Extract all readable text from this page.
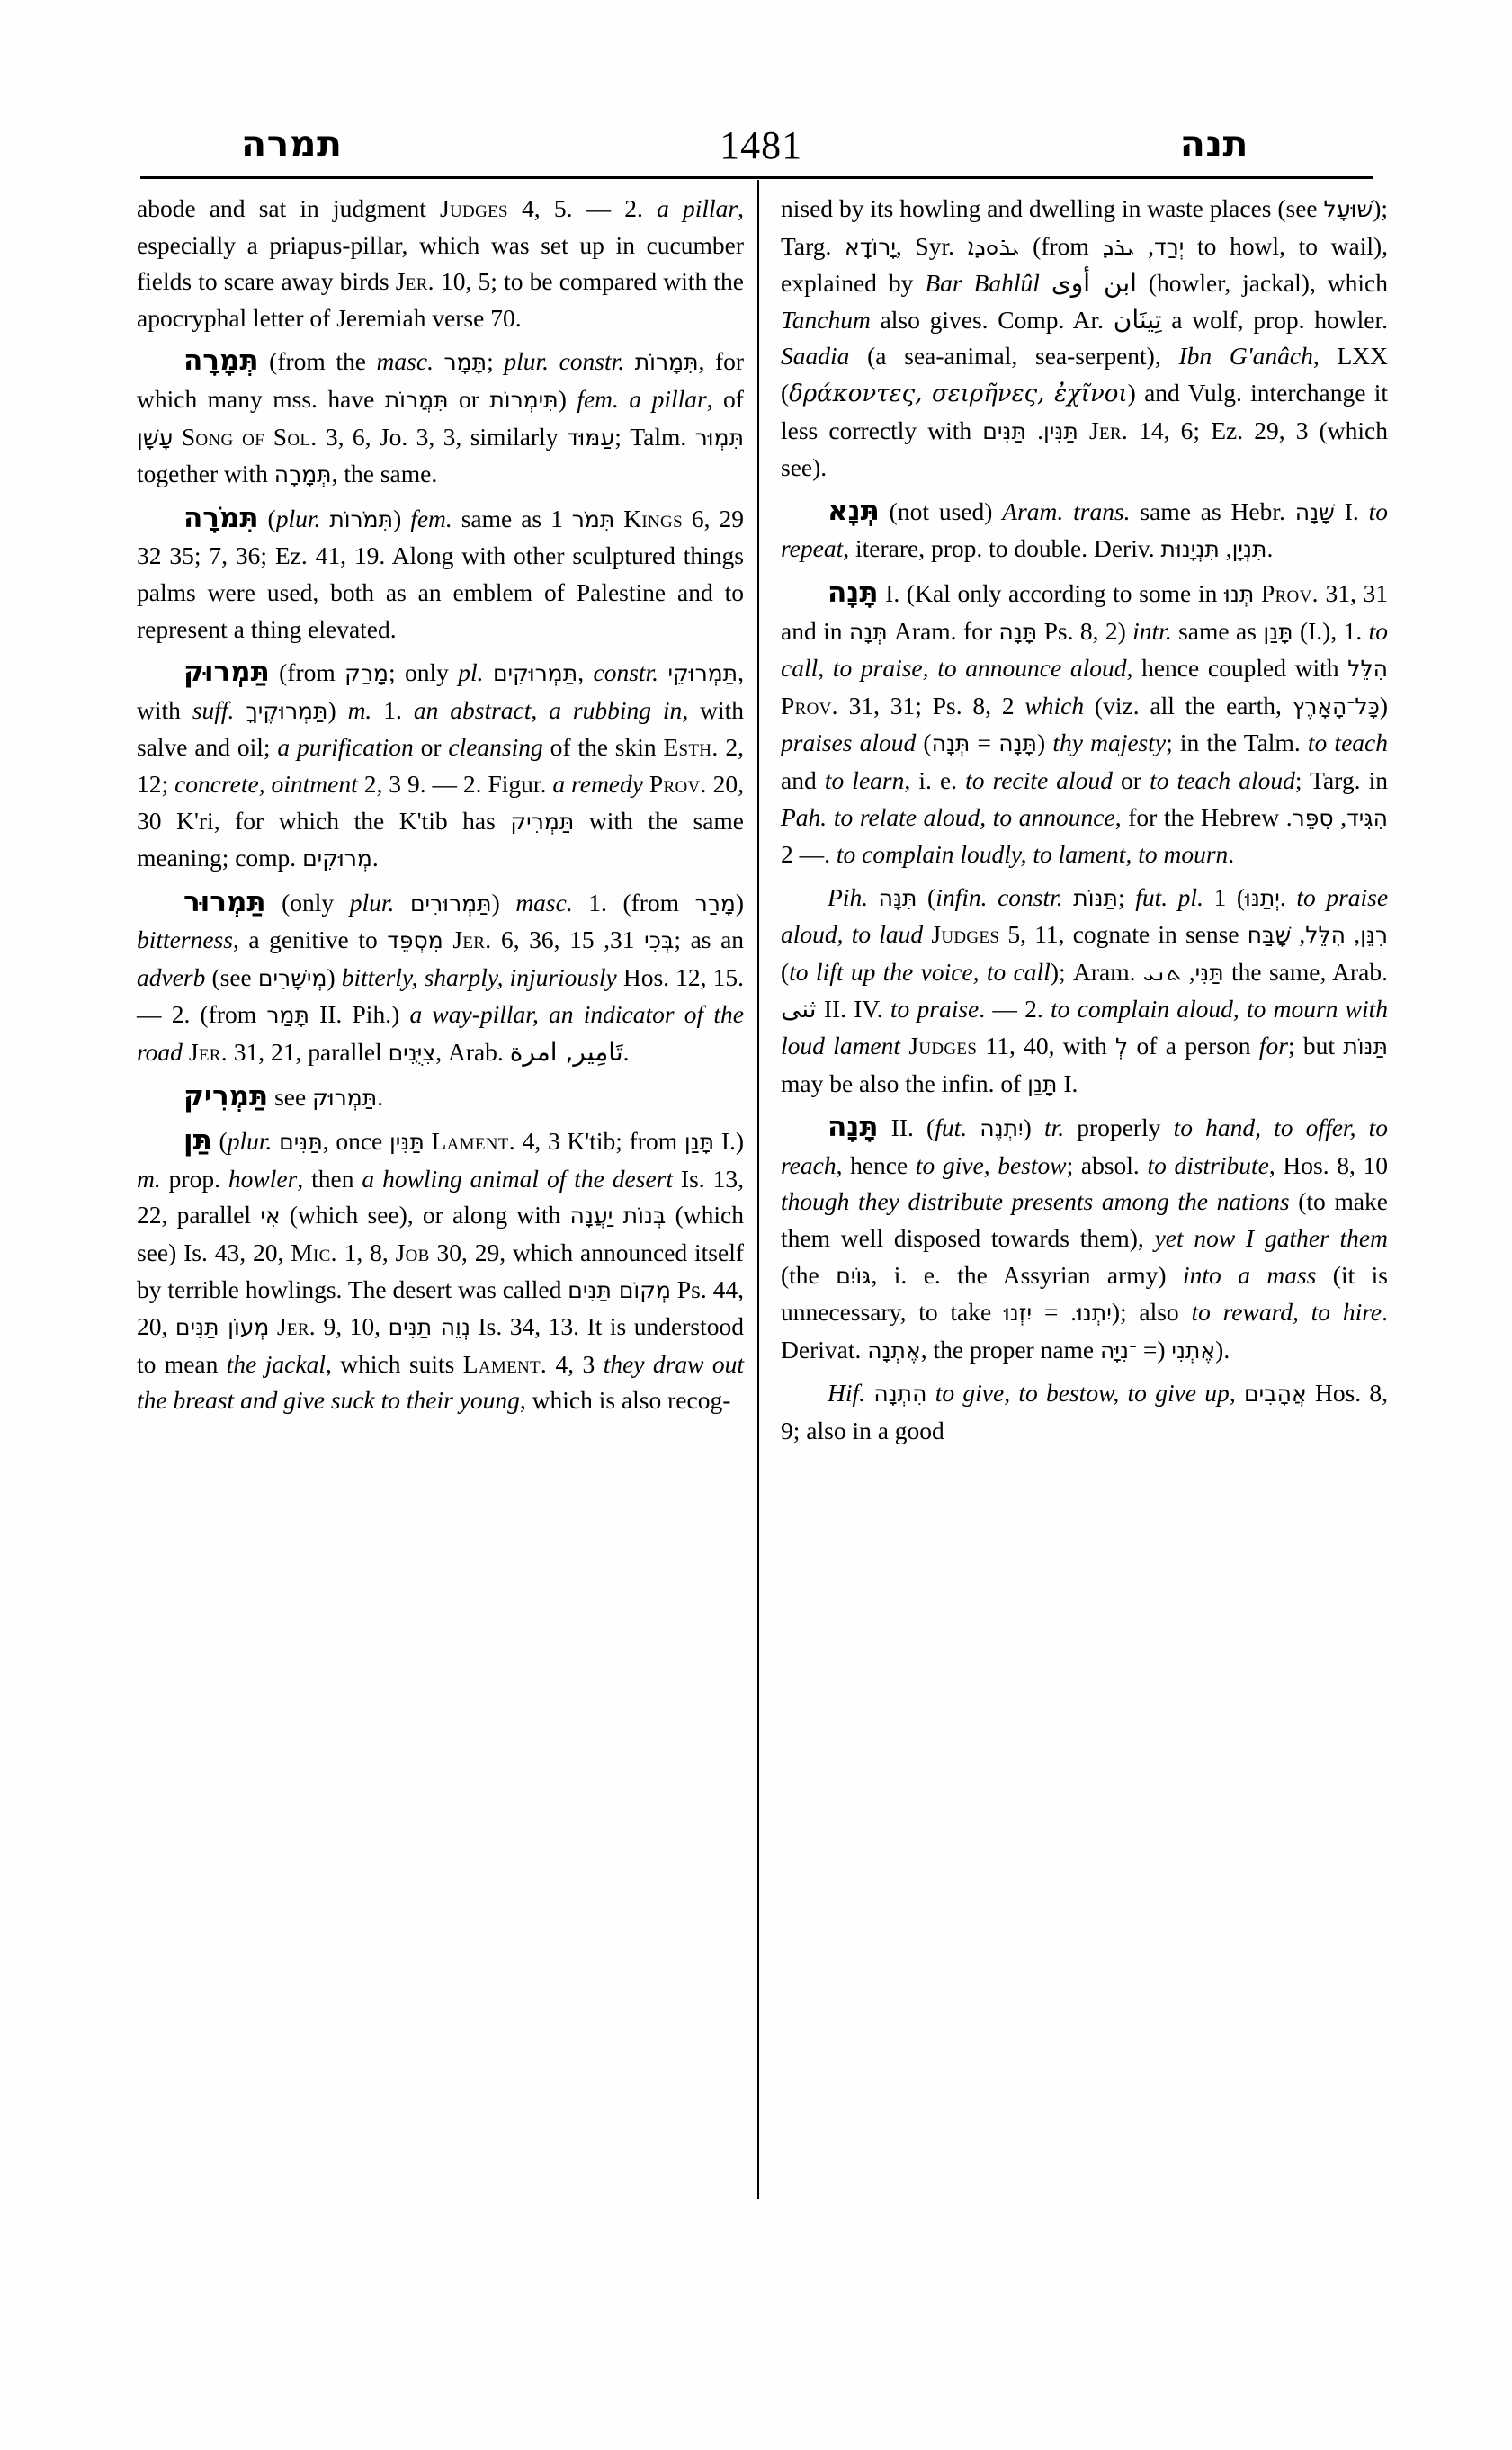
תמרה	1481	תנה

abode and sat in judgment Judges 4, 5. — 2. a pillar, especially a priapus-pillar, which was set up in cucumber fields to scare away birds Jer. 10, 5; to be compared with the apocryphal letter of Jeremiah verse 70.

תְּמָרָה (from the masc. תָּמָר; plur. constr. תִּמָרוֹת, for which many mss. have תִּמֲרוֹת or תִּימְרוֹת) fem. a pillar, of עָשָׁן Song of Sol. 3, 6, Jo. 3, 3, similarly עַמּוּד; Talm. תִּמְוּר together with תְּמָרָה, the same.

תִּמֹרָה (plur. תִּמֹרוֹת) fem. same as תִּמֹר 1 Kings 6, 29 32 35; 7, 36; Ez. 41, 19. Along with other sculptured things palms were used, both as an emblem of Palestine and to represent a thing elevated.

תַּמְרוּק (from מָרַק; only pl. תַּמְרוּקִים, constr. תַּמְרוּקֵי, with suff. תַּמְרוּקֶיךָ) m. 1. an abstract, a rubbing in, with salve and oil; a purification or cleansing of the skin Esth. 2, 12; concrete, ointment 2, 3 9. — 2. Figur. a remedy Prov. 20, 30 K'ri, for which the K'tib has תַּמְרִיק with the same meaning; comp. מְרוּקִים.

תַּמְרוּר (only plur. תַּמְרוּרִים) masc. 1. (from מָרַר) bitterness, a genitive to מִסְפֵּד Jer. 6, 36,	בְּכִי 31, 15; as an adverb (see מְישָׁרִים) bitterly, sharply, injuriously Hos. 12, 15. — 2. (from תָּמַר II. Pih.) a way-pillar, an indicator of the road Jer. 31, 21, parallel צִיֻּנִים, Arab. تَامِير, امرة.

תַּמְרִיק see תַּמְרוּק.

תַּן (plur. תַּנִּים, once תַּנִּין Lament. 4, 3 K'tib; from תָּנַן I.) m. prop. howler, then a howling animal of the desert Is. 13, 22, parallel אִי (which see), or along with בְּנוֹת יַעֲנָה (which see) Is. 43, 20, Mic. 1, 8, Job 30, 29, which announced itself by terrible howlings. The desert was called מְקוֹם תַּנִּים Ps. 44, 20, מְעוֹן תַּנִּים Jer. 9, 10, נְוֵה תַנִּים Is. 34, 13. It is understood to mean the jackal, which suits Lament. 4, 3 they draw out the breast and give suck to their young, which is also recog-

nised by its howling and dwelling in waste places (see שׁוּעָל); Targ. יָרוֹדָא, Syr. ܝܪܘܕܐ (from יְרַד, ܝܪܕ to howl, to wail), explained by Bar Bahlûl ابن أوى (howler, jackal), which Tanchum also gives. Comp. Ar. تِينَان a wolf, prop. howler. Saadia (a sea-animal, sea-serpent), Ibn G'anâch, LXX (δράκοντες, σειρῆνες, ἐχῖνοι) and Vulg. interchange it less correctly with	תַּנִּין. תַּנִּים	Jer. 14, 6; Ez. 29, 3 (which see).

תְּנָא (not used) Aram. trans. same as Hebr. שָׁנָה I. to repeat, iterare, prop. to double. Deriv.	תִּנְיָן, תִּנְיָנוּת .

תָּנָה I. (Kal only according to some in תְּנוּ Prov. 31, 31 and in תְּנָה Aram. for תָּנָה Ps. 8, 2) intr. same as תָּנַן (I.), 1. to call, to praise, to announce aloud, hence coupled with הִלֵּל Prov. 31, 31; Ps. 8, 2 which (viz. all the earth, כָּל־הָאָרֶץ) praises aloud (	תָּנָה = תְּנָה	) thy majesty; in the Talm. to teach and to learn, i. e. to recite aloud or to teach aloud; Targ. in Pah. to relate aloud, to announce, for the Hebrew	הִגִּיד, סִפֵּר. — 2. to complain loudly, to lament, to mourn.

Pih. תִּנָּה (infin. constr. תַּנּוֹת; fut. pl. יְתַנּוּ) 1. to praise aloud, to laud Judges 5, 11, cognate in sense	רִנֵּן, הִלֵּל, שָׁבַּח (to lift up the voice, to call); Aram. תַּנִּי, ܬܢܝ the same, Arab. ثنى II. IV. to praise. — 2. to complain aloud, to mourn with loud lament Judges 11, 40, with לְ of a person for; but תַּנּוֹת may be also the infin. of תָּנַן I.

תָּנָה II. (fut. יִתְנֶה) tr. properly to hand, to offer, to reach, hence to give, bestow; absol. to distribute, Hos. 8, 10 though they distribute presents among the nations (to make them well disposed towards them), yet now I gather them (the גּוֹיִם, i. e. the Assyrian army) into a mass (it is unnecessary, to take	יִתְנוּ. = יִזְנוּ	); also to reward, to hire. Derivat. אֶתְנָה, the proper name	אֶתְנִי (= ־נִיָּה	).

Hif. הִתְנָה to give, to bestow, to give up, אֲהָבִים Hos. 8, 9; also in a good
